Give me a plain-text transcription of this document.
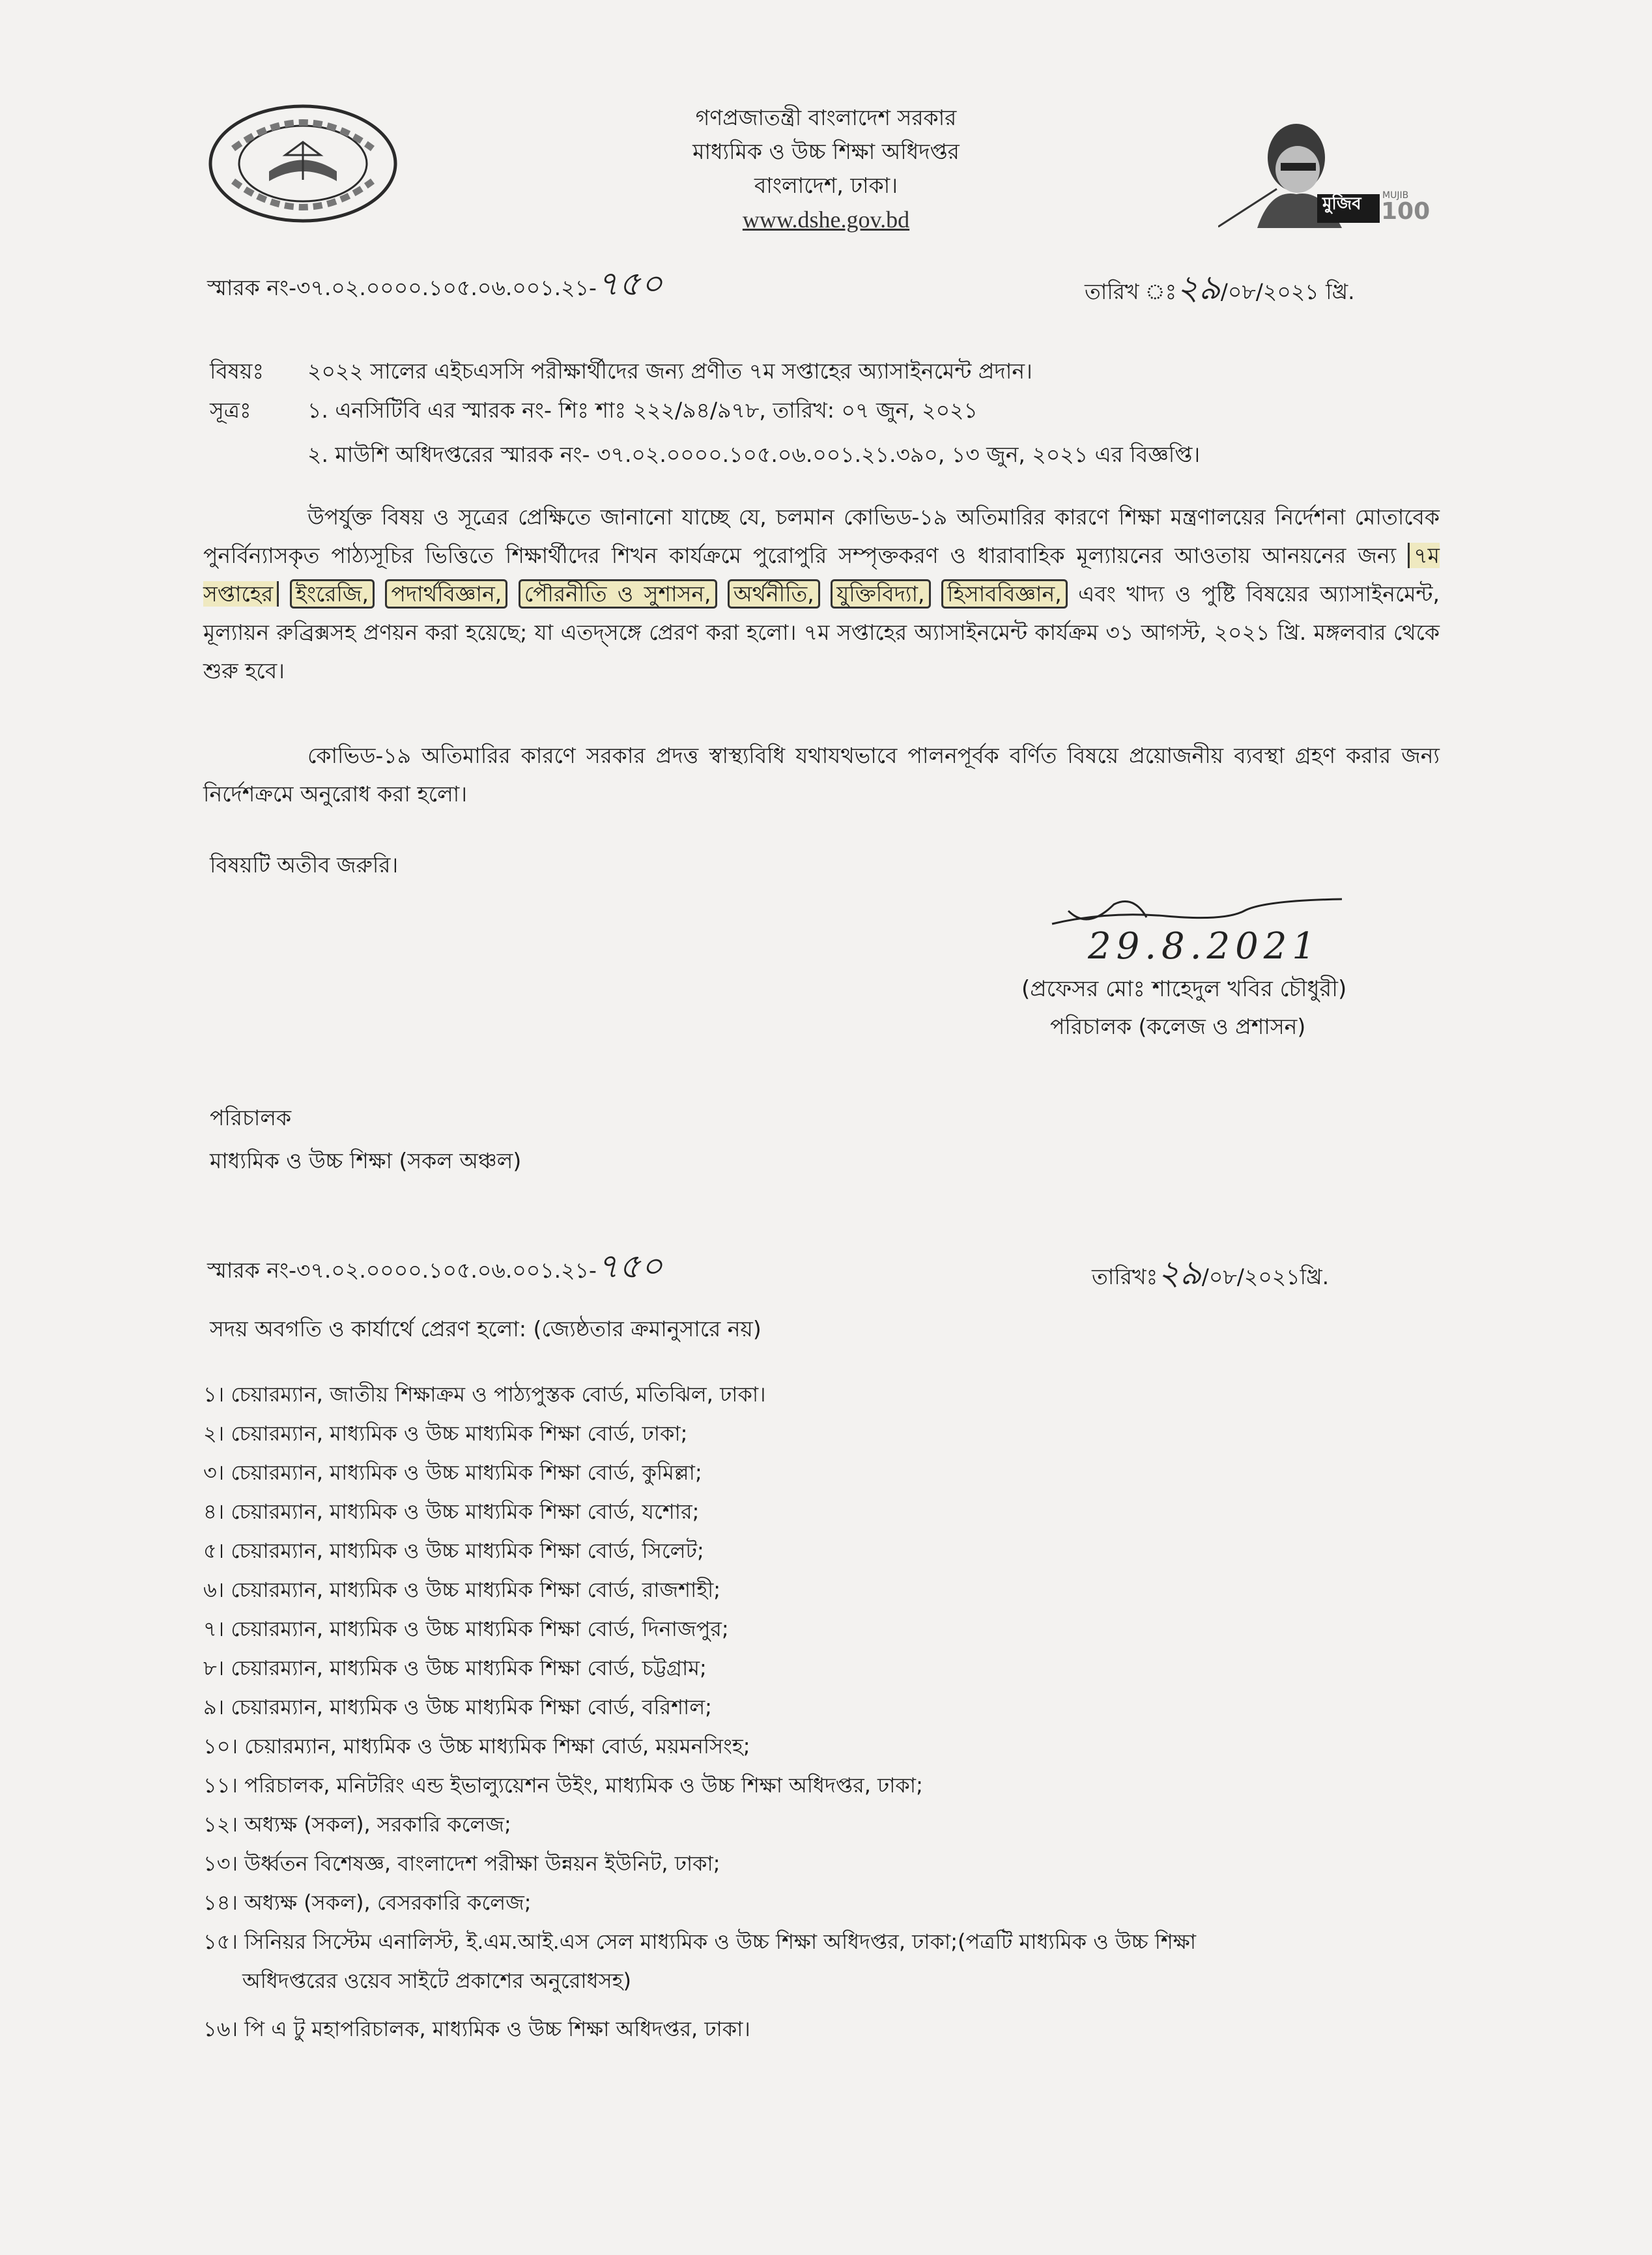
গণপ্রজাতন্ত্রী বাংলাদেশ সরকার
মাধ্যমিক ও উচ্চ শিক্ষা অধিদপ্তর
বাংলাদেশ, ঢাকা।
www.dshe.gov.bd
মুজিব MUJIB
100
স্মারক নং-৩৭.০২.০০০০.১০৫.০৬.০০১.২১-৭৫০	তারিখ ঃ২৯/০৮/২০২১ খ্রি.
বিষয়ঃ ২০২২ সালের এইচএসসি পরীক্ষার্থীদের জন্য প্রণীত ৭ম সপ্তাহের অ্যাসাইনমেন্ট প্রদান।
সূত্রঃ	১. এনসিটিবি এর স্মারক নং- শিঃ শাঃ ২২২/৯৪/৯৭৮, তারিখ: ০৭ জুন, ২০২১
২. মাউশি অধিদপ্তরের স্মারক নং- ৩৭.০২.০০০০.১০৫.০৬.০০১.২১.৩৯০, ১৩ জুন, ২০২১ এর বিজ্ঞপ্তি।
উপর্যুক্ত বিষয় ও সূত্রের প্রেক্ষিতে জানানো যাচ্ছে যে, চলমান কোভিড-১৯ অতিমারির কারণে শিক্ষা মন্ত্রণালয়ের নির্দেশনা মোতাবেক পুনর্বিন্যাসকৃত পাঠ্যসূচির ভিত্তিতে শিক্ষার্থীদের শিখন কার্যক্রমে পুরোপুরি সম্পৃক্তকরণ ও ধারাবাহিক মূল্যায়নের আওতায় আনয়নের জন্য ৭ম সপ্তাহের ইংরেজি, পদার্থবিজ্ঞান, পৌরনীতি ও সুশাসন, অর্থনীতি, যুক্তিবিদ্যা, হিসাববিজ্ঞান, এবং খাদ্য ও পুষ্টি বিষয়ের অ্যাসাইনমেন্ট, মূল্যায়ন রুব্রিক্সসহ প্রণয়ন করা হয়েছে; যা এতদ্সঙ্গে প্রেরণ করা হলো। ৭ম সপ্তাহের অ্যাসাইনমেন্ট কার্যক্রম ৩১ আগস্ট, ২০২১ খ্রি. মঙ্গলবার থেকে শুরু হবে।
কোভিড-১৯ অতিমারির কারণে সরকার প্রদত্ত স্বাস্থ্যবিধি যথাযথভাবে পালনপূর্বক বর্ণিত বিষয়ে প্রয়োজনীয় ব্যবস্থা গ্রহণ করার জন্য নির্দেশক্রমে অনুরোধ করা হলো।
বিষয়টি অতীব জরুরি।
29.8.2021
(প্রফেসর মোঃ শাহেদুল খবির চৌধুরী)
পরিচালক (কলেজ ও প্রশাসন)
পরিচালক
মাধ্যমিক ও উচ্চ শিক্ষা (সকল অঞ্চল)
স্মারক নং-৩৭.০২.০০০০.১০৫.০৬.০০১.২১-৭৫০	তারিখঃ২৯/০৮/২০২১খ্রি.
সদয় অবগতি ও কার্যার্থে প্রেরণ হলো: (জ্যেষ্ঠতার ক্রমানুসারে নয়)
১। চেয়ারম্যান, জাতীয় শিক্ষাক্রম ও পাঠ্যপুস্তক বোর্ড, মতিঝিল, ঢাকা।
২। চেয়ারম্যান, মাধ্যমিক ও উচ্চ মাধ্যমিক শিক্ষা বোর্ড, ঢাকা;
৩। চেয়ারম্যান, মাধ্যমিক ও উচ্চ মাধ্যমিক শিক্ষা বোর্ড, কুমিল্লা;
৪। চেয়ারম্যান, মাধ্যমিক ও উচ্চ মাধ্যমিক শিক্ষা বোর্ড, যশোর;
৫। চেয়ারম্যান, মাধ্যমিক ও উচ্চ মাধ্যমিক শিক্ষা বোর্ড, সিলেট;
৬। চেয়ারম্যান, মাধ্যমিক ও উচ্চ মাধ্যমিক শিক্ষা বোর্ড, রাজশাহী;
৭। চেয়ারম্যান, মাধ্যমিক ও উচ্চ মাধ্যমিক শিক্ষা বোর্ড, দিনাজপুর;
৮। চেয়ারম্যান, মাধ্যমিক ও উচ্চ মাধ্যমিক শিক্ষা বোর্ড, চট্টগ্রাম;
৯। চেয়ারম্যান, মাধ্যমিক ও উচ্চ মাধ্যমিক শিক্ষা বোর্ড, বরিশাল;
১০। চেয়ারম্যান, মাধ্যমিক ও উচ্চ মাধ্যমিক শিক্ষা বোর্ড, ময়মনসিংহ;
১১। পরিচালক, মনিটরিং এন্ড ইভাল্যুয়েশন উইং, মাধ্যমিক ও উচ্চ শিক্ষা অধিদপ্তর, ঢাকা;
১২। অধ্যক্ষ (সকল), সরকারি কলেজ;
১৩। উর্ধ্বতন বিশেষজ্ঞ, বাংলাদেশ পরীক্ষা উন্নয়ন ইউনিট, ঢাকা;
১৪। অধ্যক্ষ (সকল), বেসরকারি কলেজ;
১৫। সিনিয়র সিস্টেম এনালিস্ট, ই.এম.আই.এস সেল মাধ্যমিক ও উচ্চ শিক্ষা অধিদপ্তর, ঢাকা;(পত্রটি মাধ্যমিক ও উচ্চ শিক্ষা
অধিদপ্তরের ওয়েব সাইটে প্রকাশের অনুরোধসহ)
১৬। পি এ টু মহাপরিচালক, মাধ্যমিক ও উচ্চ শিক্ষা অধিদপ্তর, ঢাকা।
